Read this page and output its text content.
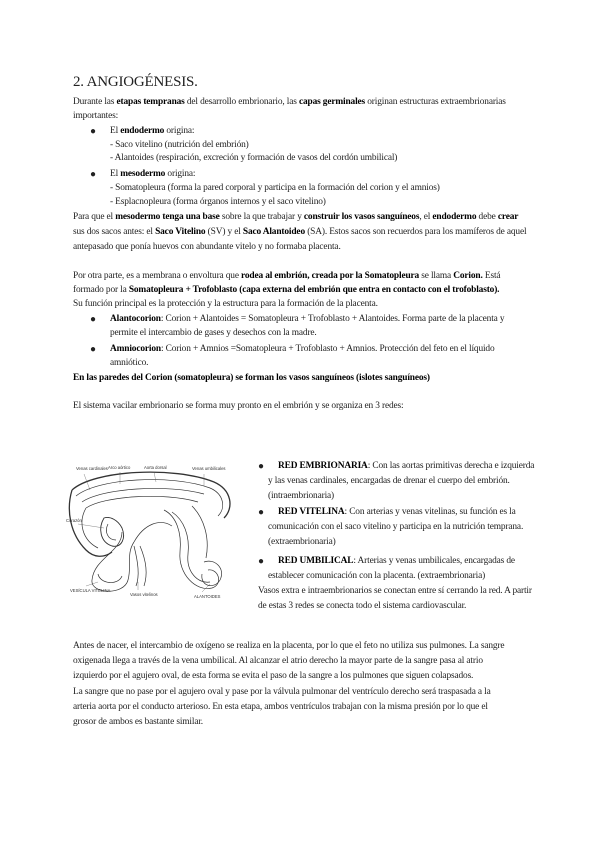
2. ANGIOGÉNESIS.
Durante las etapas tempranas del desarrollo embrionario, las capas germinales originan estructuras extraembrionarias
importantes:
● El endodermo origina:
- Saco vitelino (nutrición del embrión)
- Alantoides (respiración, excreción y formación de vasos del cordón umbilical)
● El mesodermo origina:
- Somatopleura (forma la pared corporal y participa en la formación del corion y el amnios)
- Esplacnopleura (forma órganos internos y el saco vitelino)
Para que el mesodermo tenga una base sobre la que trabajar y construir los vasos sanguíneos, el endodermo debe crear
sus dos sacos antes: el Saco Vitelino (SV) y el Saco Alantoideo (SA). Estos sacos son recuerdos para los mamíferos de aquel
antepasado que ponía huevos con abundante vitelo y no formaba placenta.
Por otra parte, es a membrana o envoltura que rodea al embrión, creada por la Somatopleura se llama Corion. Está
formado por la Somatopleura + Trofoblasto (capa externa del embrión que entra en contacto con el trofoblasto).
Su función principal es la protección y la estructura para la formación de la placenta.
● Alantocorion: Corion + Alantoides = Somatopleura + Trofoblasto + Alantoides. Forma parte de la placenta y
permite el intercambio de gases y desechos con la madre.
● Amniocorion: Corion + Amnios =Somatopleura + Trofoblasto + Amnios. Protección del feto en el líquido
amniótico.
En las paredes del Corion (somatopleura) se forman los vasos sanguíneos (islotes sanguíneos)
El sistema vacilar embrionario se forma muy pronto en el embrión y se organiza en 3 redes:
Venas cardinales Arco aórtico	Aorta dorsal	Venas umbilicales
Corazón
VESÍCULA VITELINA
Vasos vitelinos	ALANTOIDES
● RED EMBRIONARIA: Con las aortas primitivas derecha e izquierda
y las venas cardinales, encargadas de drenar el cuerpo del embrión.
(intraembrionaria)
● RED VITELINA: Con arterias y venas vitelinas, su función es la
comunicación con el saco vitelino y participa en la nutrición temprana.
(extraembrionaria)
● RED UMBILICAL: Arterias y venas umbilicales, encargadas de
establecer comunicación con la placenta. (extraembrionaria)
Vasos extra e intraembrionarios se conectan entre sí cerrando la red. A partir
de estas 3 redes se conecta todo el sistema cardiovascular.
Antes de nacer, el intercambio de oxígeno se realiza en la placenta, por lo que el feto no utiliza sus pulmones. La sangre
oxigenada llega a través de la vena umbilical. Al alcanzar el atrio derecho la mayor parte de la sangre pasa al atrio
izquierdo por el agujero oval, de esta forma se evita el paso de la sangre a los pulmones que siguen colapsados.
La sangre que no pase por el agujero oval y pase por la válvula pulmonar del ventrículo derecho será traspasada a la
arteria aorta por el conducto arterioso. En esta etapa, ambos ventrículos trabajan con la misma presión por lo que el
grosor de ambos es bastante similar.
